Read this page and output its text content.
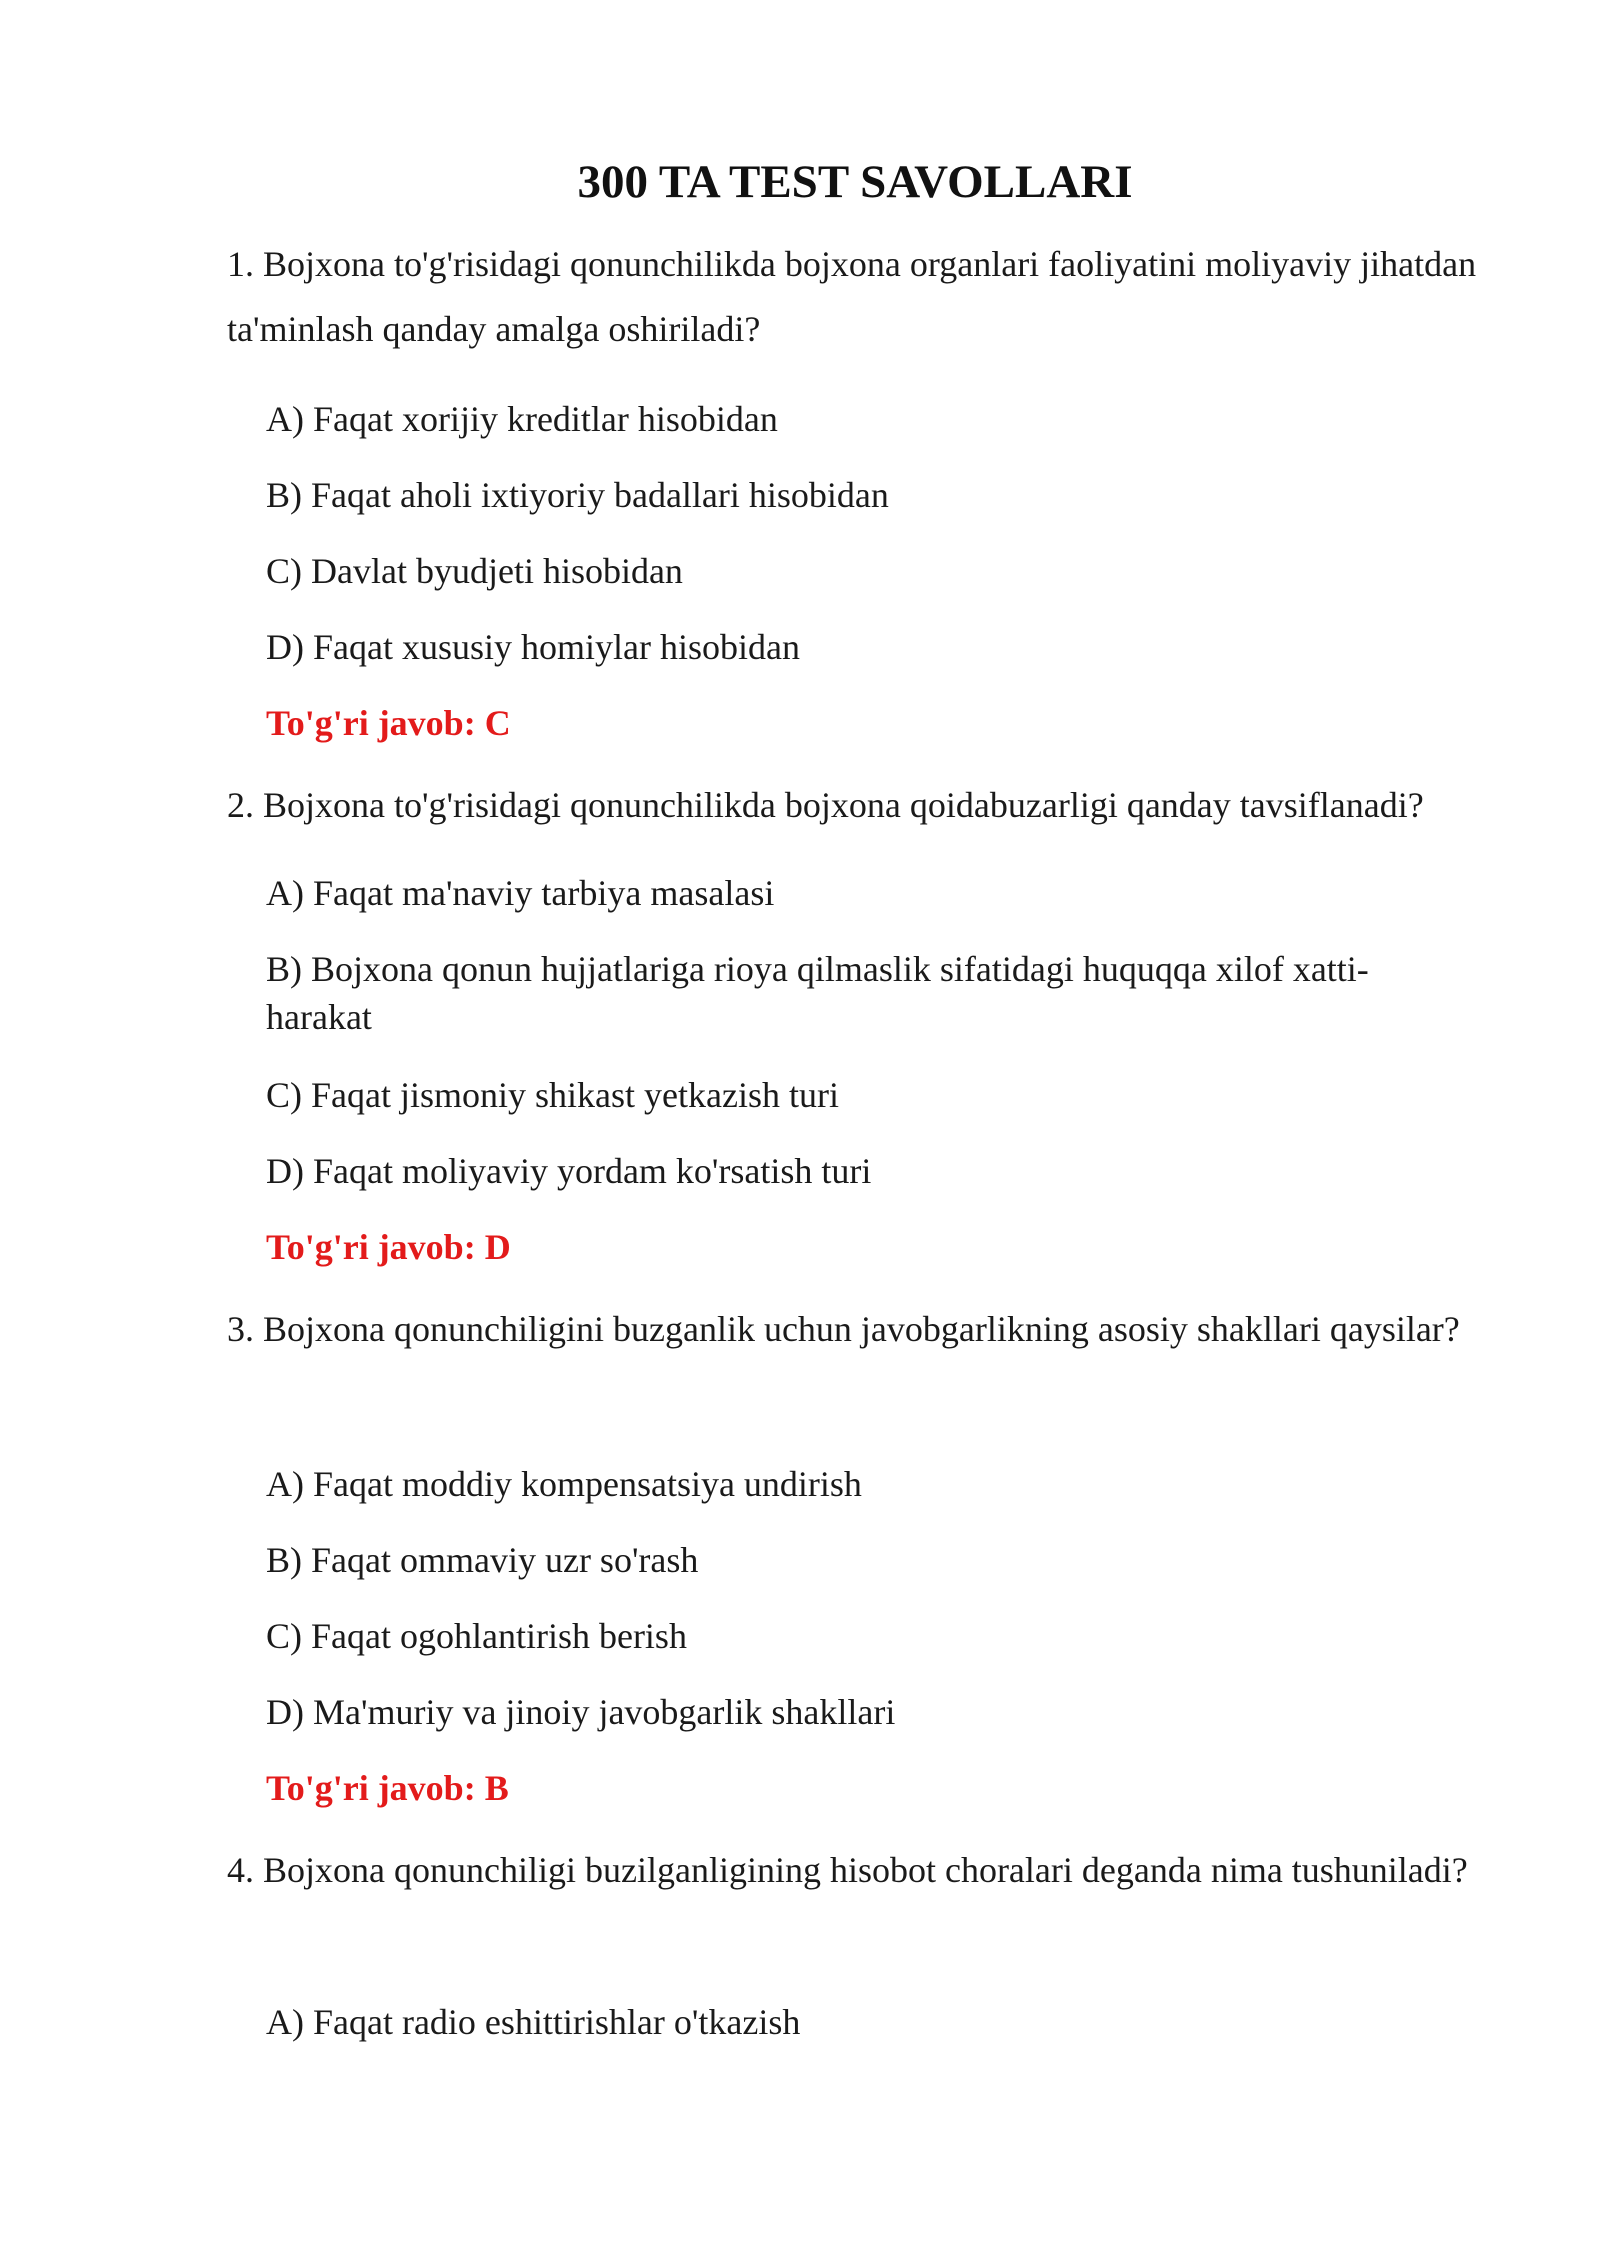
300 TA TEST SAVOLLARI

1. Bojxona to'g'risidagi qonunchilikda bojxona organlari faoliyatini moliyaviy jihatdan ta'minlash qanday amalga oshiriladi?

A) Faqat xorijiy kreditlar hisobidan

B) Faqat aholi ixtiyoriy badallari hisobidan

C) Davlat byudjeti hisobidan

D) Faqat xususiy homiylar hisobidan

To'g'ri javob: C

2. Bojxona to'g'risidagi qonunchilikda bojxona qoidabuzarligi qanday tavsiflanadi?

A) Faqat ma'naviy tarbiya masalasi

B) Bojxona qonun hujjatlariga rioya qilmaslik sifatidagi huquqqa xilof xatti-harakat

C) Faqat jismoniy shikast yetkazish turi

D) Faqat moliyaviy yordam ko'rsatish turi

To'g'ri javob: D

3. Bojxona qonunchiligini buzganlik uchun javobgarlikning asosiy shakllari qaysilar?

A) Faqat moddiy kompensatsiya undirish

B) Faqat ommaviy uzr so'rash

C) Faqat ogohlantirish berish

D) Ma'muriy va jinoiy javobgarlik shakllari

To'g'ri javob: B

4. Bojxona qonunchiligi buzilganligining hisobot choralari deganda nima tushuniladi?

A) Faqat radio eshittirishlar o'tkazish
